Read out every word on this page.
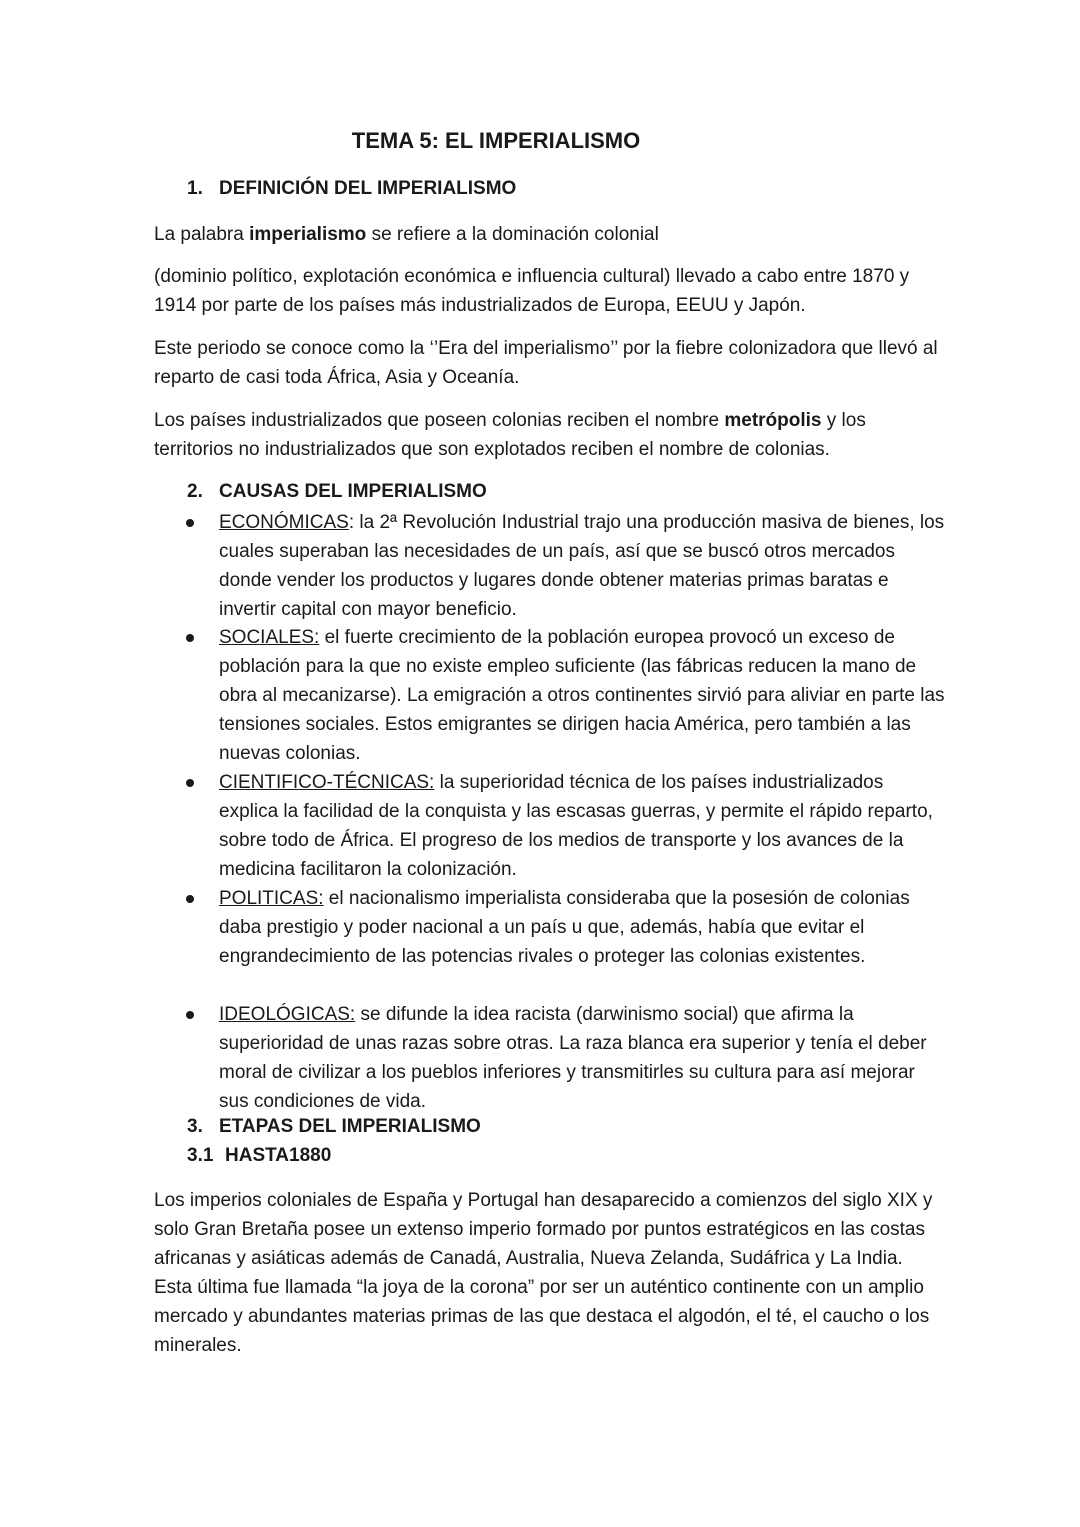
TEMA 5: EL IMPERIALISMO
1. DEFINICIÓN DEL IMPERIALISMO
La palabra imperialismo se refiere a la dominación colonial
(dominio político, explotación económica e influencia cultural) llevado a cabo entre 1870 y 1914 por parte de los países más industrializados de Europa, EEUU y Japón.
Este periodo se conoce como la ‘’Era del imperialismo’’ por la fiebre colonizadora que llevó al reparto de casi toda África, Asia y Oceanía.
Los países industrializados que poseen colonias reciben el nombre metrópolis y los territorios no industrializados que son explotados reciben el nombre de colonias.
2. CAUSAS DEL IMPERIALISMO
ECONÓMICAS: la 2ª Revolución Industrial trajo una producción masiva de bienes, los cuales superaban las necesidades de un país, así que se buscó otros mercados donde vender los productos y lugares donde obtener materias primas baratas e invertir capital con mayor beneficio.
SOCIALES: el fuerte crecimiento de la población europea provocó un exceso de población para la que no existe empleo suficiente (las fábricas reducen la mano de obra al mecanizarse). La emigración a otros continentes sirvió para aliviar en parte las tensiones sociales. Estos emigrantes se dirigen hacia América, pero también a las nuevas colonias.
CIENTIFICO-TÉCNICAS: la superioridad técnica de los países industrializados explica la facilidad de la conquista y las escasas guerras, y permite el rápido reparto, sobre todo de África. El progreso de los medios de transporte y los avances de la medicina facilitaron la colonización.
POLITICAS: el nacionalismo imperialista consideraba que la posesión de colonias daba prestigio y poder nacional a un país u que, además, había que evitar el engrandecimiento de las potencias rivales o proteger las colonias existentes.
IDEOLÓGICAS: se difunde la idea racista (darwinismo social) que afirma la superioridad de unas razas sobre otras. La raza blanca era superior y tenía el deber moral de civilizar a los pueblos inferiores y transmitirles su cultura para así mejorar sus condiciones de vida.
3. ETAPAS DEL IMPERIALISMO
3.1 HASTA1880
Los imperios coloniales de España y Portugal han desaparecido a comienzos del siglo XIX y solo Gran Bretaña posee un extenso imperio formado por puntos estratégicos en las costas africanas y asiáticas además de Canadá, Australia, Nueva Zelanda, Sudáfrica y La India. Esta última fue llamada “la joya de la corona” por ser un auténtico continente con un amplio mercado y abundantes materias primas de las que destaca el algodón, el té, el caucho o los minerales.
